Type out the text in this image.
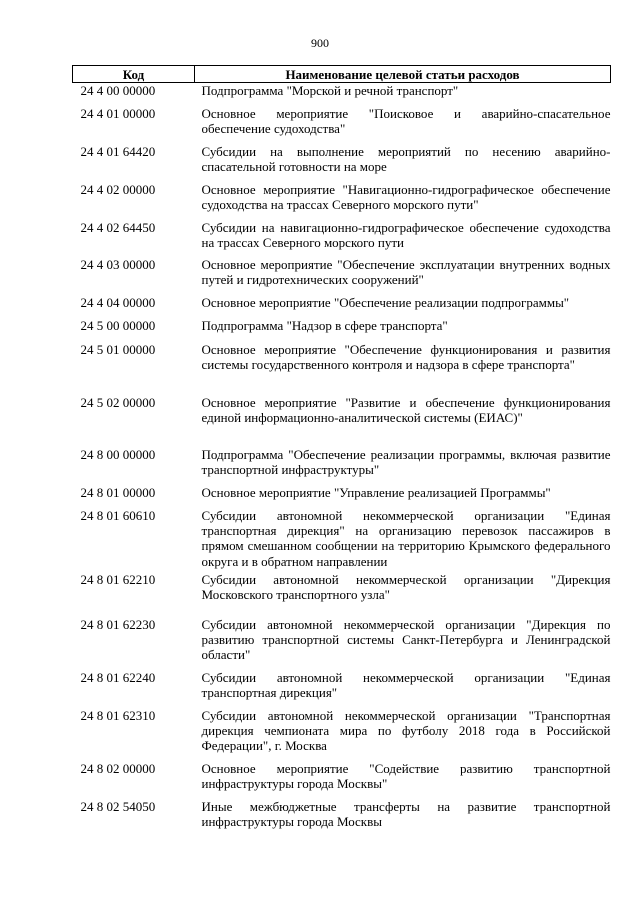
900
Код	Наименование целевой статьи расходов
24 4 00 00000	Подпрограмма "Морской и речной транспорт"
24 4 01 00000	Основное мероприятие "Поисковое и аварийно-спасательное обеспечение судоходства"
24 4 01 64420	Субсидии на выполнение мероприятий по несению аварийно-спасательной готовности на море
24 4 02 00000	Основное мероприятие "Навигационно-гидрографическое обеспечение судоходства на трассах Северного морского пути"
24 4 02 64450	Субсидии на навигационно-гидрографическое обеспечение судоходства на трассах Северного морского пути
24 4 03 00000	Основное мероприятие "Обеспечение эксплуатации внутренних водных путей и гидротехнических сооружений"
24 4 04 00000	Основное мероприятие "Обеспечение реализации подпрограммы"
24 5 00 00000	Подпрограмма "Надзор в сфере транспорта"
24 5 01 00000	Основное мероприятие "Обеспечение функционирования и развития системы государственного контроля и надзора в сфере транспорта"
24 5 02 00000	Основное мероприятие "Развитие и обеспечение функционирования единой информационно-аналитической системы (ЕИАС)"
24 8 00 00000	Подпрограмма "Обеспечение реализации программы, включая развитие транспортной инфраструктуры"
24 8 01 00000	Основное мероприятие "Управление реализацией Программы"
24 8 01 60610	Субсидии автономной некоммерческой организации "Единая транспортная дирекция" на организацию перевозок пассажиров в прямом смешанном сообщении на территорию Крымского федерального округа и в обратном направлении
24 8 01 62210	Субсидии автономной некоммерческой организации "Дирекция Московского транспортного узла"
24 8 01 62230	Субсидии автономной некоммерческой организации "Дирекция по развитию транспортной системы Санкт-Петербурга и Ленинградской области"
24 8 01 62240	Субсидии автономной некоммерческой организации "Единая транспортная дирекция"
24 8 01 62310	Субсидии автономной некоммерческой организации "Транспортная дирекция чемпионата мира по футболу 2018 года в Российской Федерации", г. Москва
24 8 02 00000	Основное мероприятие "Содействие развитию транспортной инфраструктуры города Москвы"
24 8 02 54050	Иные межбюджетные трансферты на развитие транспортной инфраструктуры города Москвы
